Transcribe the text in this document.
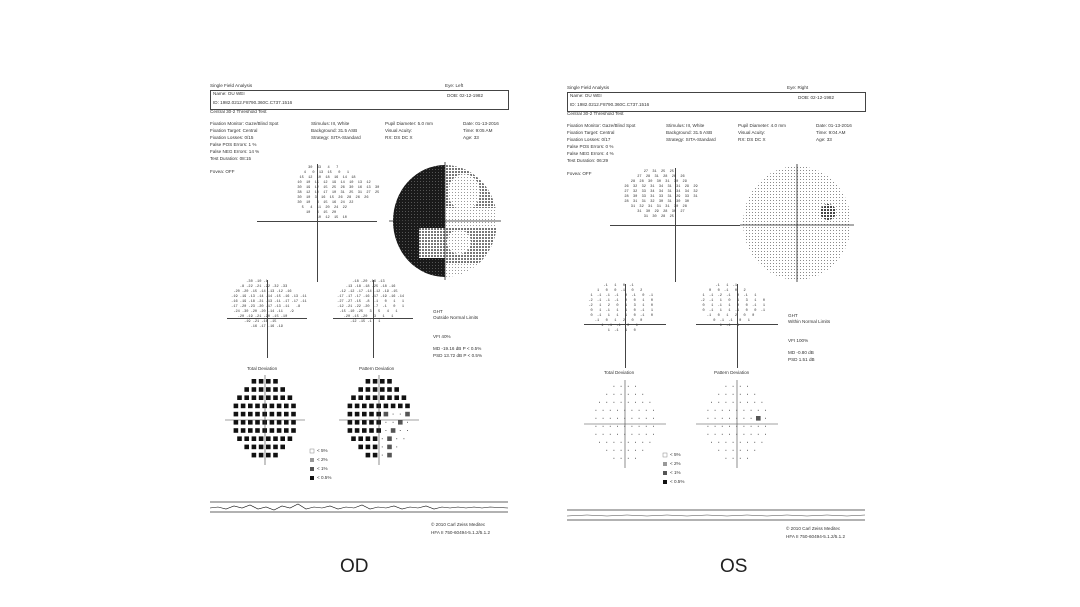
Single Field Analysis	Eye: Left
Name: OU WEI	DOB: 02-12-1982
ID: 1982.0212.F8790.360C.C737.1516
Central 30-2 Threshold Test
Fixation Monitor: Gaze/Blind Spot
Fixation Target: Central
Fixation Losses: 0/15
False POS Errors: 1 %
False NEG Errors: 14 %
Test Duration: 08:15
Fovea: OFF
Stimulus: III, White
Background: 31.5 ASB
Strategy: SITA-Standard
Pupil Diameter: 5.0 mm
Visual Acuity:
RX: DS DC X
Date: 01-13-2016
Time: 9:05 AM
Age: 33
30  33   4   7
4   0  13  15   0   1
15  12  10  18  16  14  18
10  10  15  12  19  14  10  13  12
30  19  12  15  25  26  30  16  13  30
38  12  10  17  10  31  25  31  27  25
30  10  3  16  15  26  28  26  26
30  10   3  15  16  24  22
5   4  11  20  24  22
10   6  15  20
10  12  15  10
-30 -10 -1
-8 -22 -21 -22 -32 -33
-20 -20 -15 -14 -13 -12 -16
-19 -19 -13 -14 -14 -15 -16 -13 -11
-16 -19 -18 -21 -13 -11 -17 -17 -11
-17 -20 -23 -20 -17 -13 -11   -8
-24 -30 -20 -20 -14 -11   -9
-20 -19 -21 -20 -15 -10
-19 -21 -16 -15
-16 -17 -16 -19
-18 -20 -16 -13
-13 -18 -18 -25 -18 -16
-12 -12 -17 -14 -12 -19 -15
-17 -17 -17 -16 -17 -19 -16 -14
-27 -27 -15  -8  -1   0   1   1
-12 -21 -22 -20  -7  -1   0   1
-15 -10 -25   3   5   4   1
-20 -15 -20   3   1   1
-12 -15 -1   1
GHT
Outside Normal Limits
VFI 40%
MD -19.16 dB P < 0.5%
PSD 13.72 dB P < 0.5%
Total Deviation	Pattern Deviation
< 5%
< 2%
< 1%
< 0.5%
© 2010 Carl Zeiss Meditec
HFA II 750-60494-5.1.2/5.1.2
Single Field Analysis	Eye: Right
Name: OU WEI	DOB: 02-12-1982
ID: 1982.0212.F8790.360C.C737.1516
Central 30-2 Threshold Test
Fixation Monitor: Gaze/Blind Spot
Fixation Target: Central
Fixation Losses: 0/17
False POS Errors: 0 %
False NEG Errors: 4 %
Test Duration: 06:29
Fovea: OFF
Stimulus: III, White
Background: 31.5 ASB
Strategy: SITA-Standard
Pupil Diameter: 4.0 mm
Visual Acuity:
RX: DS DC X
Date: 01-13-2016
Time: 9:04 AM
Age: 33
27  31  25  25
27  28  31  28  26  26
28  28  30  30  31  30  29
26  32  32  31  34  31  31  29  29
27  32  33  34  34  31  34  34  32
28  30  33  31  33  31  29  33  31
28  31  31  32  30  31  30  30
31  32  31  31  31  30  28
31  30  29  28  30  27
31  30  28  25
-1   1   0  -1
1   0   0  -1   0   2
1  -1  -1  -1   0  -1   0  -1
-2  -1  -1  -1   0   0   1   0
-2   1   2   0   1   3   1   0
0   1  -1   1   1   0  -1   1
0  -1   1   1   1   0  -1   0
-1   0   1   2   0   0
1  -1  -1   0   1
1  -1   1   0
-1   1  -1
0   0  -1   0   2
1  -1  -2  -1   0  -1   1
-2  -1   1   0   1   3   1   0
0   1  -1   1   0   0  -1   1
0  -1   1   1  -1   0   0  -1
-1   0   1   2   0   0
0  -1  -1   0   1
1  -1   1
GHT
Within Normal Limits
VFI 100%
MD -0.80 dB
PSD 1.51 dB
Total Deviation	Pattern Deviation
< 5%
< 2%
< 1%
< 0.5%
© 2010 Carl Zeiss Meditec
HFA II 750-60494-5.1.2/5.1.2
OD	OS
